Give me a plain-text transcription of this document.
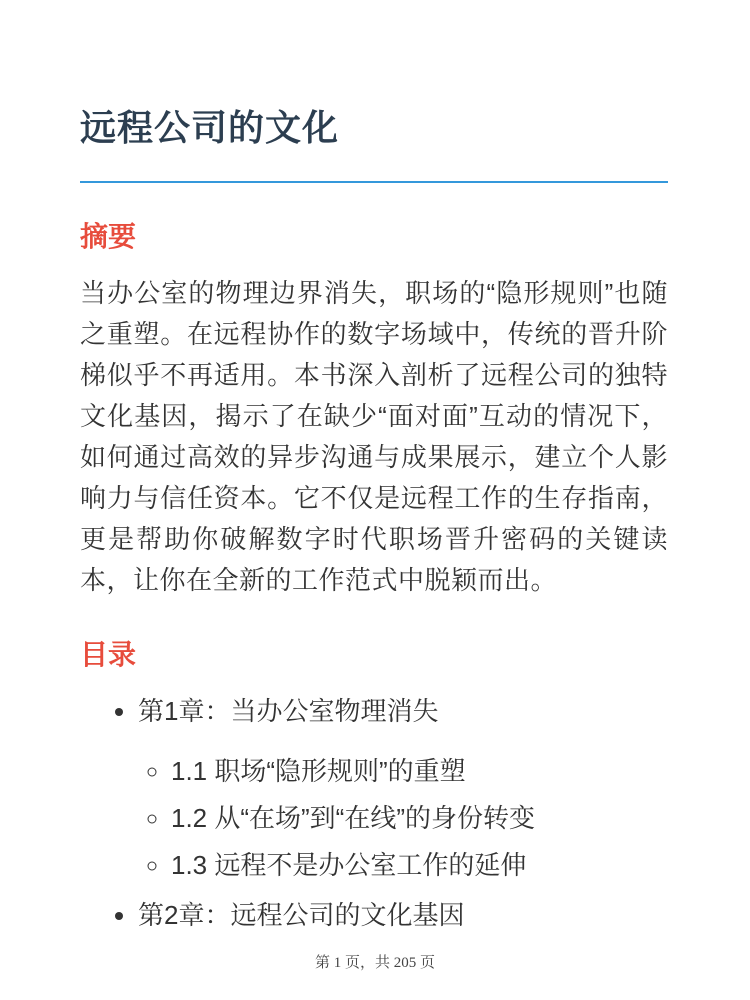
远程公司的文化
摘要

当办公室的物理边界消失，职场的“隐形规则”也随之重塑。在远程协作的数字场域中，传统的晋升阶梯似乎不再适用。本书深入剖析了远程公司的独特文化基因，揭示了在缺少“面对面”互动的情况下，如何通过高效的异步沟通与成果展示，建立个人影响力与信任资本。它不仅是远程工作的生存指南，更是帮助你破解数字时代职场晋升密码的关键读本，让你在全新的工作范式中脱颖而出。

目录
• 第1章：当办公室物理消失
◦ 1.1 职场“隐形规则”的重塑
◦ 1.2 从“在场”到“在线”的身份转变
◦ 1.3 远程不是办公室工作的延伸
• 第2章：远程公司的文化基因
第 1 页，共 205 页
